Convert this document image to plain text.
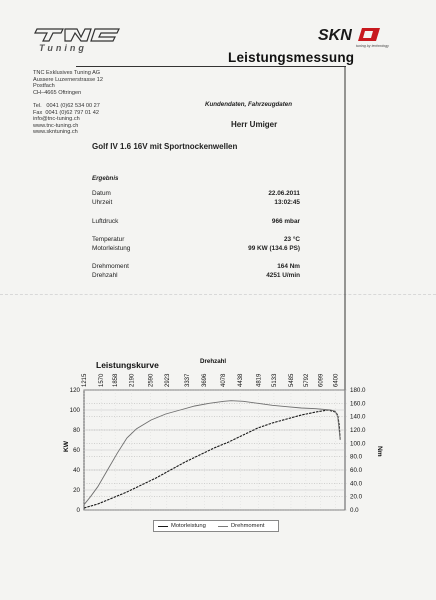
Tuning
SKN
tuning by technology
Leistungsmessung
TNC Exklusives Tuning AG
Aussere Luzernerstrasse 12
Postfach
CH–4665 Oftringen

Tel.   0041 (0)62 534 00 27
Fax  0041 (0)62 797 01 42
info@tnc-tuning.ch
www.tnc-tuning.ch
www.skntuning.ch
Kundendaten, Fahrzeugdaten
Herr Umiger
Golf IV 1.6 16V mit Sportnockenwellen
Ergebnis
Datum	22.06.2011
Uhrzeit	13:02:45
Luftdruck	966 mbar
Temperatur	23 °C
Motorleistung	99 KW (134.6 PS)
Drehmoment	164 Nm
Drehzahl	4251 U/min
Leistungskurve	Drehzahl
1215 1570 1858 2190 2590 2923 3337 3696 4078 4438 4819 5133 5485 5792 6099 6400
0
20
40
60
80
100
120
0.0
20.0
40.0
60.0
80.0
100.0
120.0
140.0
160.0
180.0
KW	Nm
Motorleistung	Drehmoment
